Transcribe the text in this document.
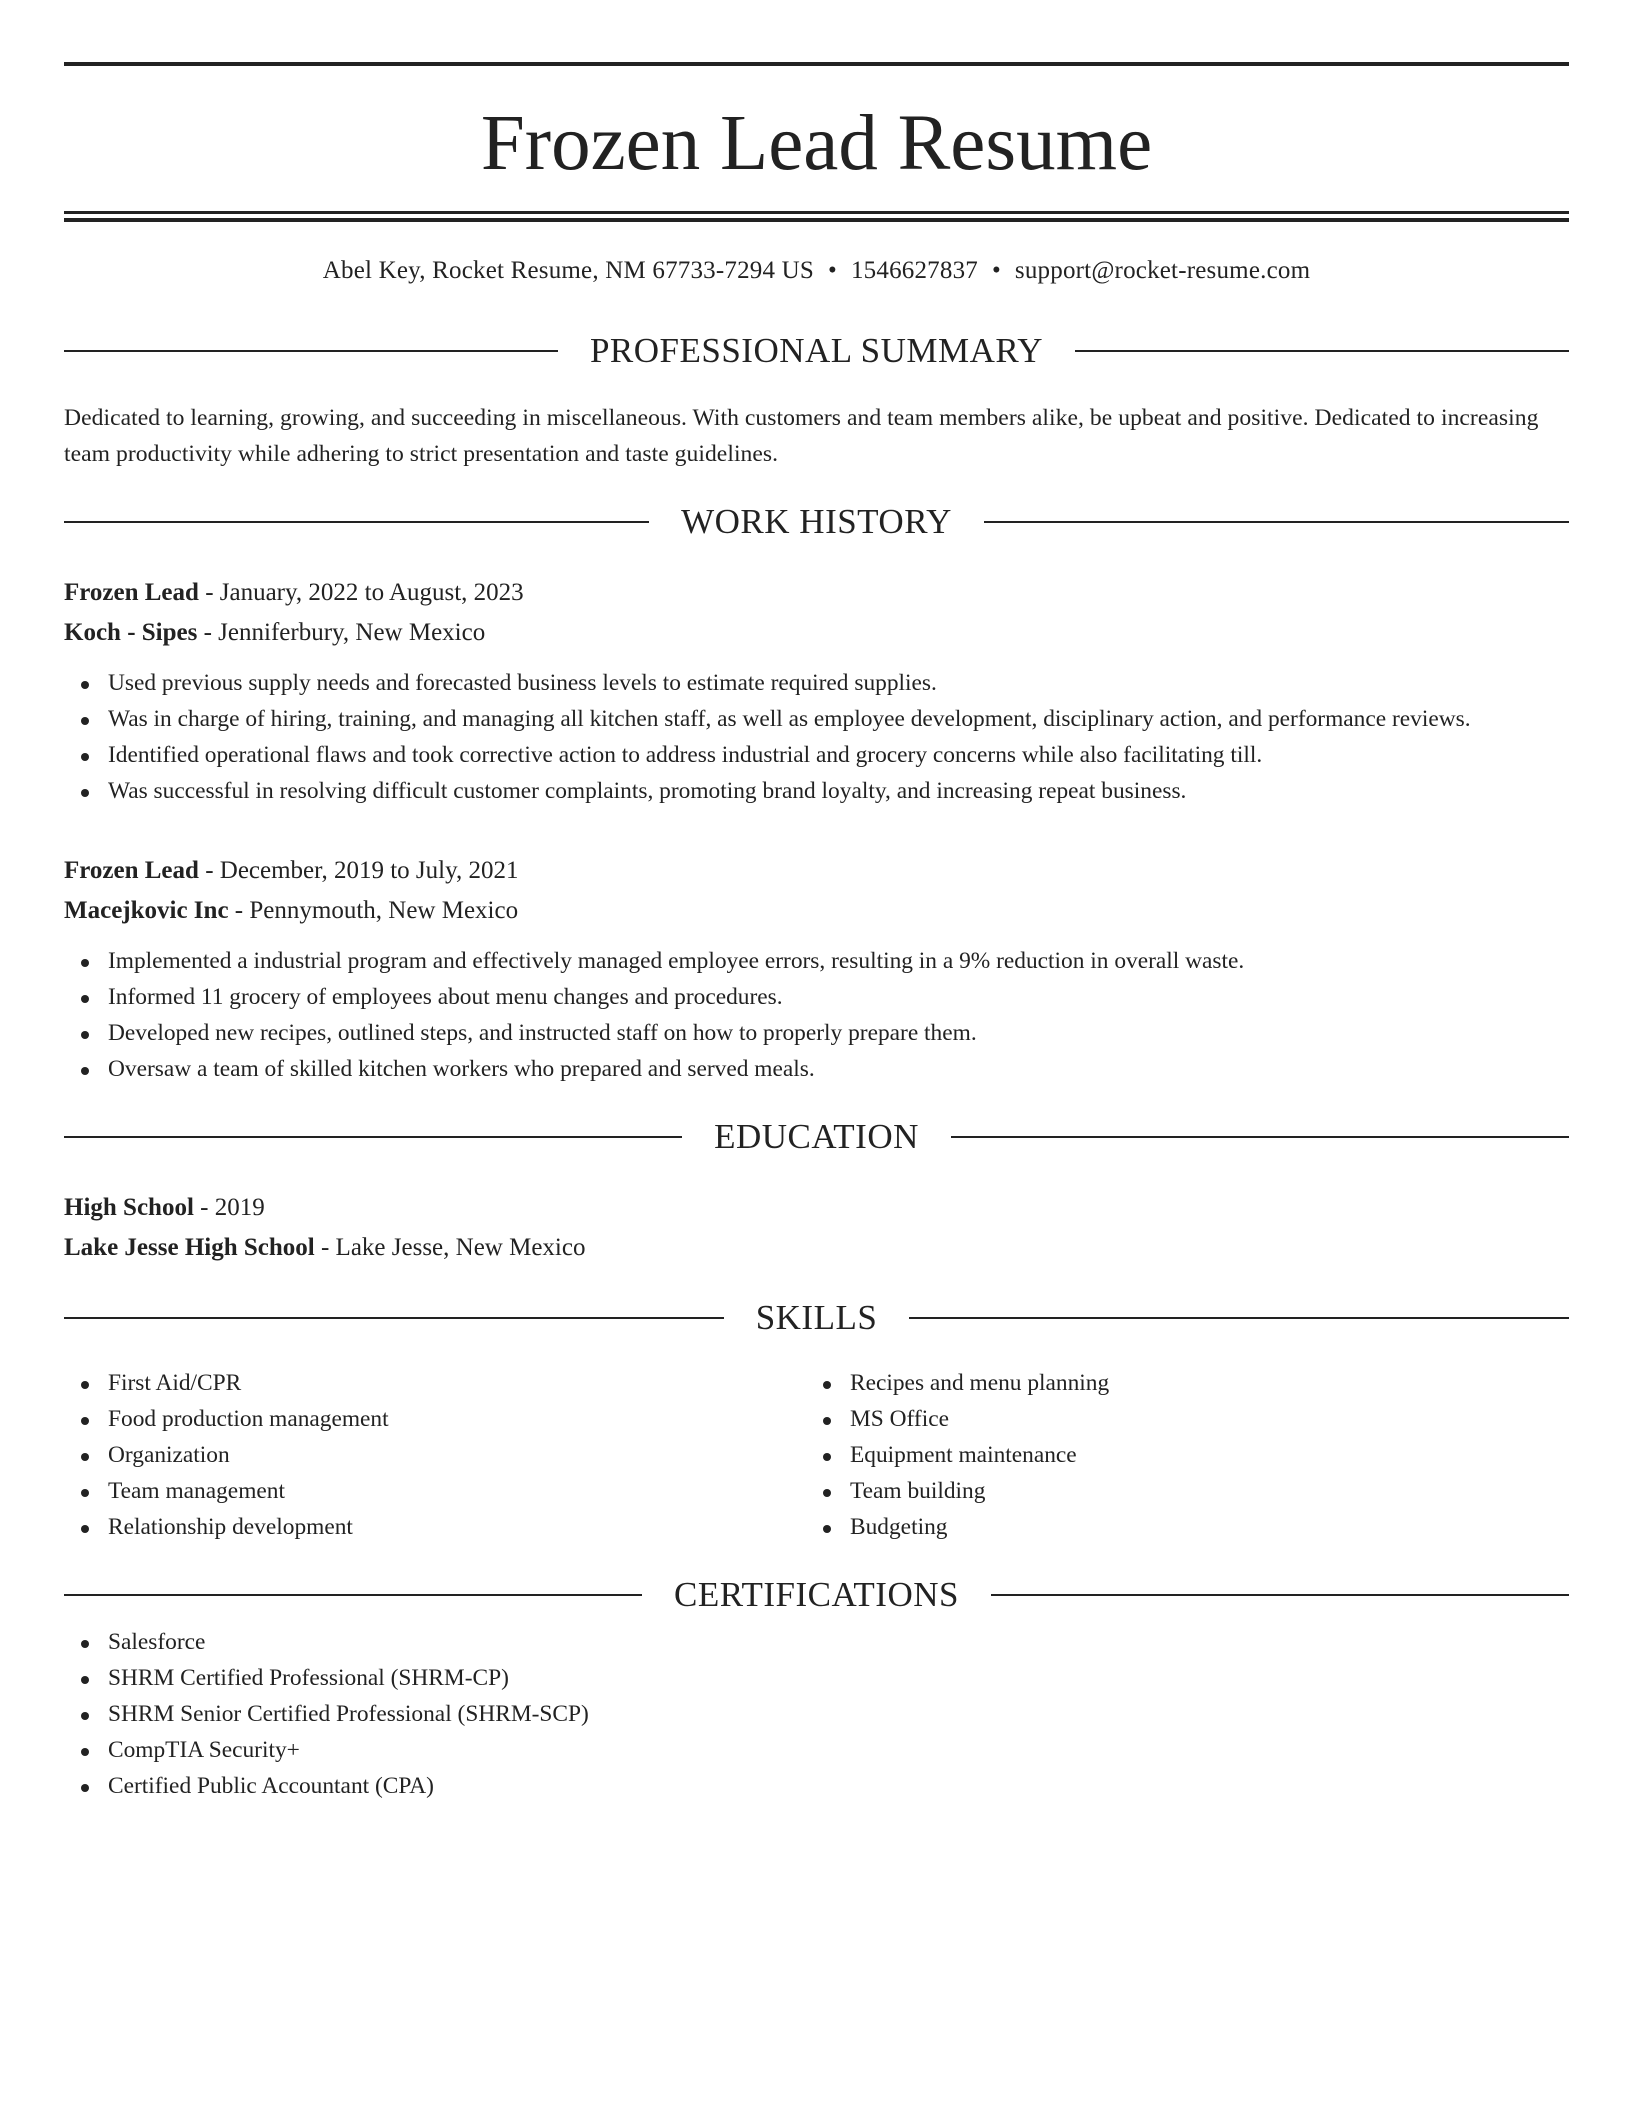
Frozen Lead Resume
Abel Key, Rocket Resume, NM 67733-7294 US • 1546627837 • support@rocket-resume.com
PROFESSIONAL SUMMARY

Dedicated to learning, growing, and succeeding in miscellaneous. With customers and team members alike, be upbeat and positive. Dedicated to increasing team productivity while adhering to strict presentation and taste guidelines.

WORK HISTORY
Frozen Lead - January, 2022 to August, 2023
Koch - Sipes - Jenniferbury, New Mexico
Used previous supply needs and forecasted business levels to estimate required supplies.
Was in charge of hiring, training, and managing all kitchen staff, as well as employee development, disciplinary action, and performance reviews.
Identified operational flaws and took corrective action to address industrial and grocery concerns while also facilitating till.
Was successful in resolving difficult customer complaints, promoting brand loyalty, and increasing repeat business.
Frozen Lead - December, 2019 to July, 2021
Macejkovic Inc - Pennymouth, New Mexico
Implemented a industrial program and effectively managed employee errors, resulting in a 9% reduction in overall waste.
Informed 11 grocery of employees about menu changes and procedures.
Developed new recipes, outlined steps, and instructed staff on how to properly prepare them.
Oversaw a team of skilled kitchen workers who prepared and served meals.
EDUCATION
High School - 2019
Lake Jesse High School - Lake Jesse, New Mexico
SKILLS
First Aid/CPR
Food production management
Organization
Team management
Relationship development
Recipes and menu planning
MS Office
Equipment maintenance
Team building
Budgeting
CERTIFICATIONS
Salesforce
SHRM Certified Professional (SHRM-CP)
SHRM Senior Certified Professional (SHRM-SCP)
CompTIA Security+
Certified Public Accountant (CPA)
